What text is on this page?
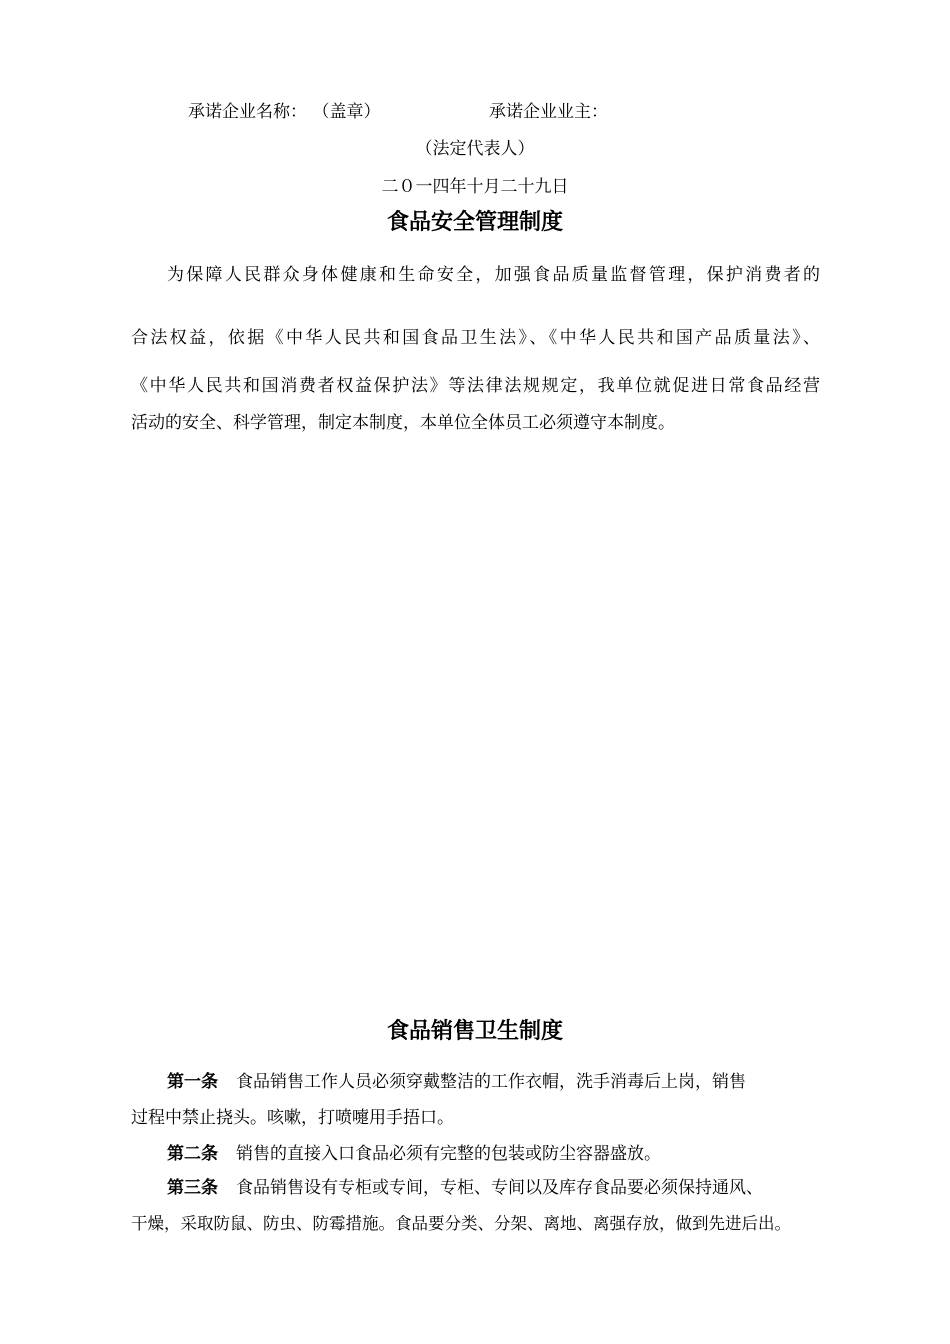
承诺企业名称： （盖章）	承诺企业业主：
（法定代表人）
二０一四年十月二十九日
食品安全管理制度
为保障人民群众身体健康和生命安全，加强食品质量监督管理，保护消费者的
合法权益，依据《中华人民共和国食品卫生法》、《中华人民共和国产品质量法》、
《中华人民共和国消费者权益保护法》等法律法规规定，我单位就促进日常食品经营
活动的安全、科学管理，制定本制度，本单位全体员工必须遵守本制度。
食品销售卫生制度
第一条 食品销售工作人员必须穿戴整洁的工作衣帽，洗手消毒后上岗，销售
过程中禁止挠头。咳嗽，打喷嚏用手捂口。
第二条 销售的直接入口食品必须有完整的包装或防尘容器盛放。
第三条 食品销售设有专柜或专间，专柜、专间以及库存食品要必须保持通风、
干燥，采取防鼠、防虫、防霉措施。食品要分类、分架、离地、离强存放，做到先进后出。
